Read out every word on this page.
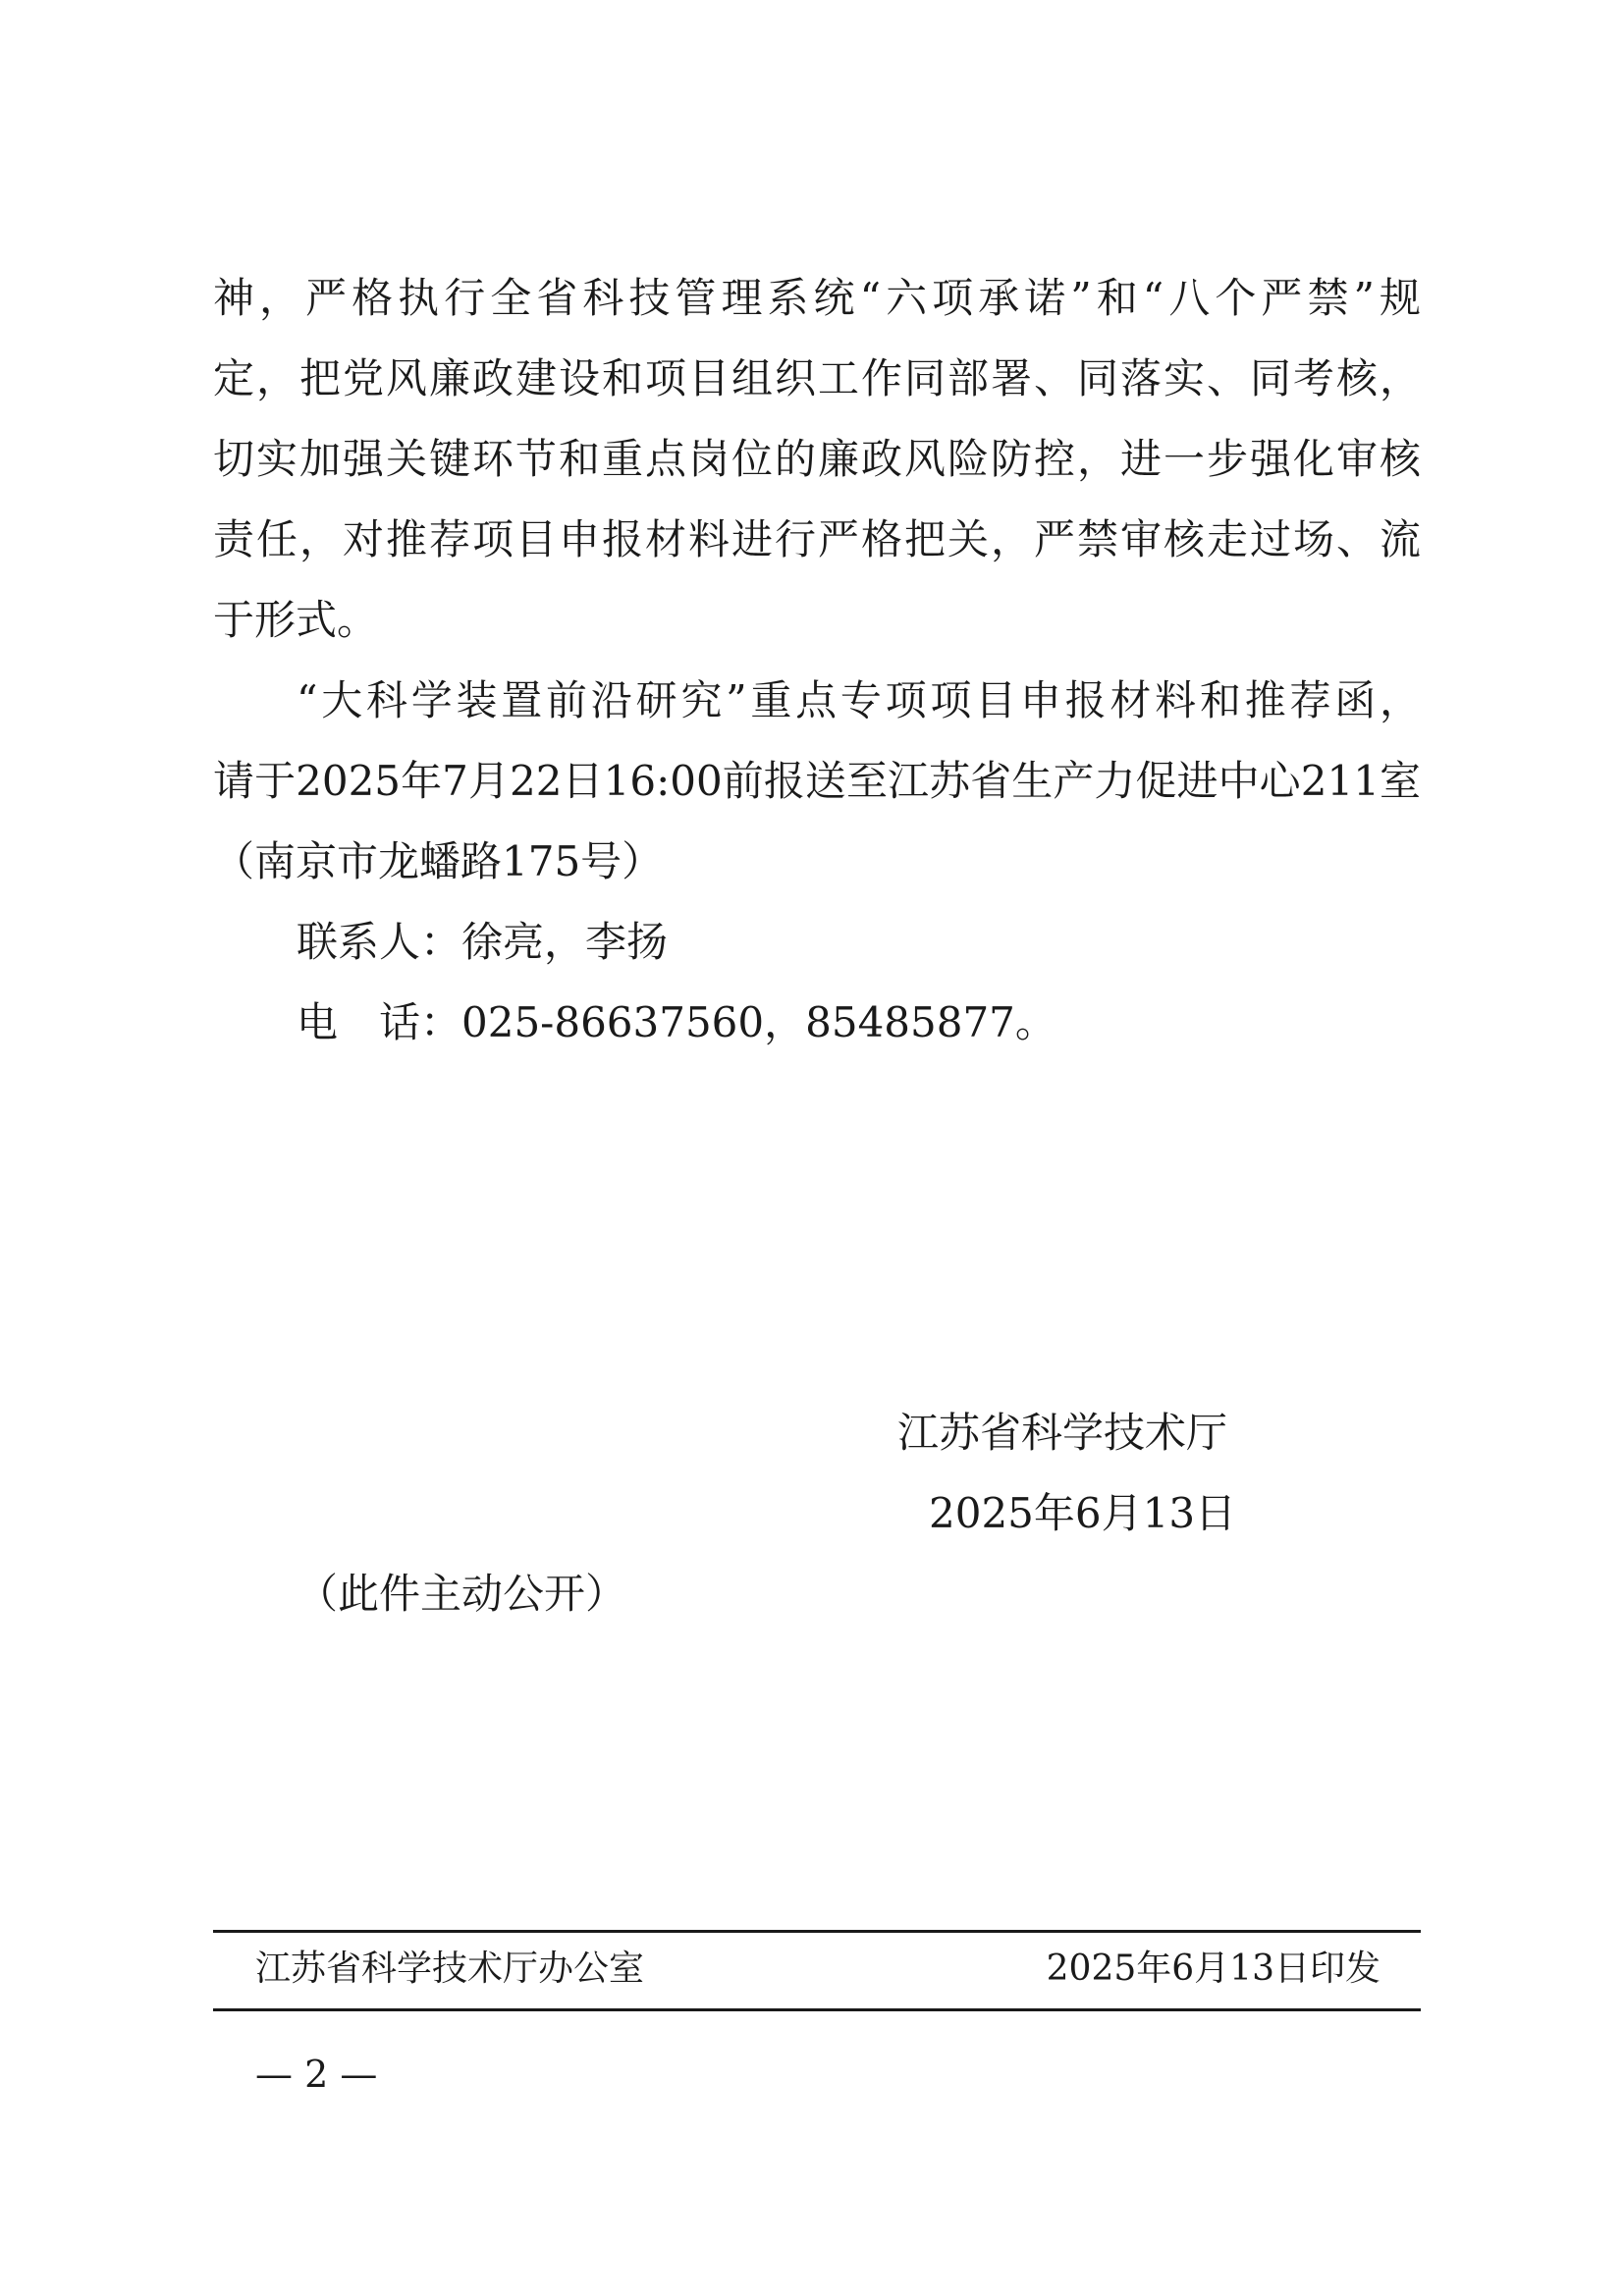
神，严格执行全省科技管理系统“六项承诺”和“八个严禁”规
定，把党风廉政建设和项目组织工作同部署、同落实、同考核，
切实加强关键环节和重点岗位的廉政风险防控，进一步强化审核
责任，对推荐项目申报材料进行严格把关，严禁审核走过场、流
于形式。
“大科学装置前沿研究”重点专项项目申报材料和推荐函，
请于2025年7月22日16:00前报送至江苏省生产力促进中心211室
（南京市龙蟠路175号）
联系人：徐亮，李扬
电　话：025-86637560，85485877。
江苏省科学技术厅
2025年6月13日
（此件主动公开）
江苏省科学技术厅办公室	2025年6月13日印发
— 2 —
